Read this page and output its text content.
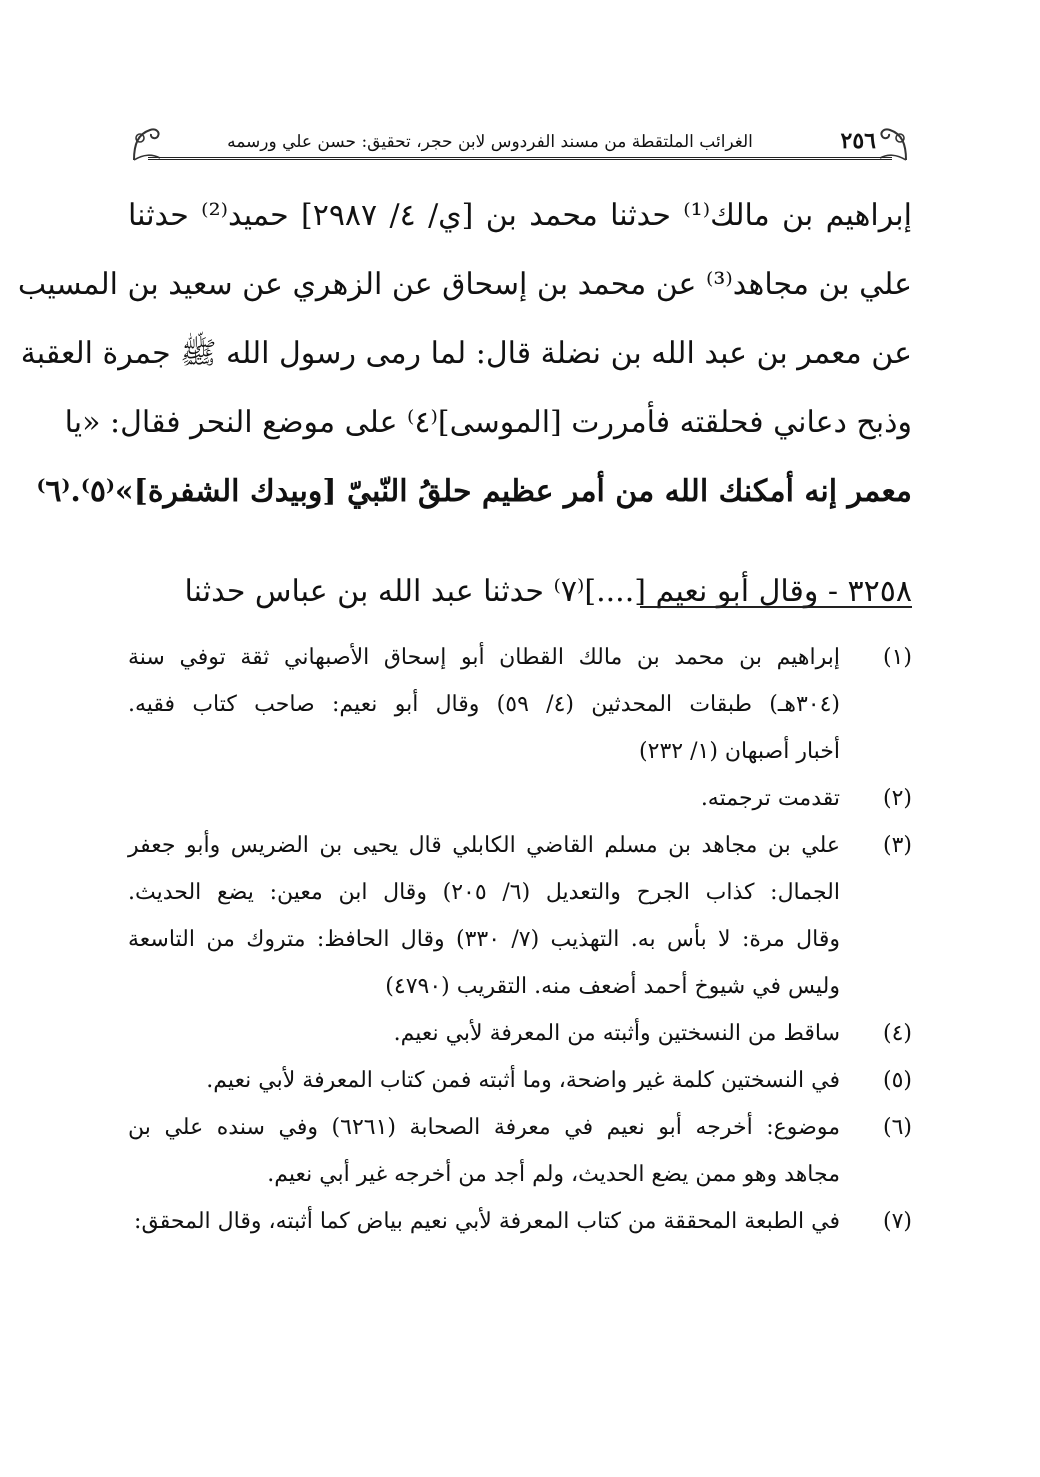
٢٥٦
الغرائب الملتقطة من مسند الفردوس لابن حجر، تحقيق: حسن علي ورسمه
إبراهيم بن مالك⁽¹⁾ حدثنا محمد بن [ي/ ٤/ ٢٩٨٧] حميد⁽²⁾ حدثنا
علي بن مجاهد⁽³⁾ عن محمد بن إسحاق عن الزهري عن سعيد بن المسيب
عن معمر بن عبد الله بن نضلة قال: لما رمى رسول الله ﷺ جمرة العقبة
وذبح دعاني فحلقته فأمررت [الموسى]⁽٤⁾ على موضع النحر فقال: «يا
معمر إنه أمكنك الله من أمر عظيم حلقُ النّبيّ [وبيدك الشفرة]»⁽٥⁾.⁽٦⁾
٣٢٥٨ - وقال أبو نعيم [....]⁽٧⁾ حدثنا عبد الله بن عباس حدثنا
(١)
إبراهيم بن محمد بن مالك القطان أبو إسحاق الأصبهاني ثقة توفي سنة
(٣٠٤هـ) طبقات المحدثين (٤/ ٥٩) وقال أبو نعيم: صاحب كتاب فقيه.
أخبار أصبهان (١/ ٢٣٢)
(٢)
تقدمت ترجمته.
(٣)
علي بن مجاهد بن مسلم القاضي الكابلي قال يحيى بن الضريس وأبو جعفر
الجمال: كذاب الجرح والتعديل (٦/ ٢٠٥) وقال ابن معين: يضع الحديث.
وقال مرة: لا بأس به. التهذيب (٧/ ٣٣٠) وقال الحافظ: متروك من التاسعة
وليس في شيوخ أحمد أضعف منه. التقريب (٤٧٩٠)
(٤)
ساقط من النسختين وأثبته من المعرفة لأبي نعيم.
(٥)
في النسختين كلمة غير واضحة، وما أثبته فمن كتاب المعرفة لأبي نعيم.
(٦)
موضوع: أخرجه أبو نعيم في معرفة الصحابة (٦٢٦١) وفي سنده علي بن
مجاهد وهو ممن يضع الحديث، ولم أجد من أخرجه غير أبي نعيم.
(٧)
في الطبعة المحققة من كتاب المعرفة لأبي نعيم بياض كما أثبته، وقال المحقق:
